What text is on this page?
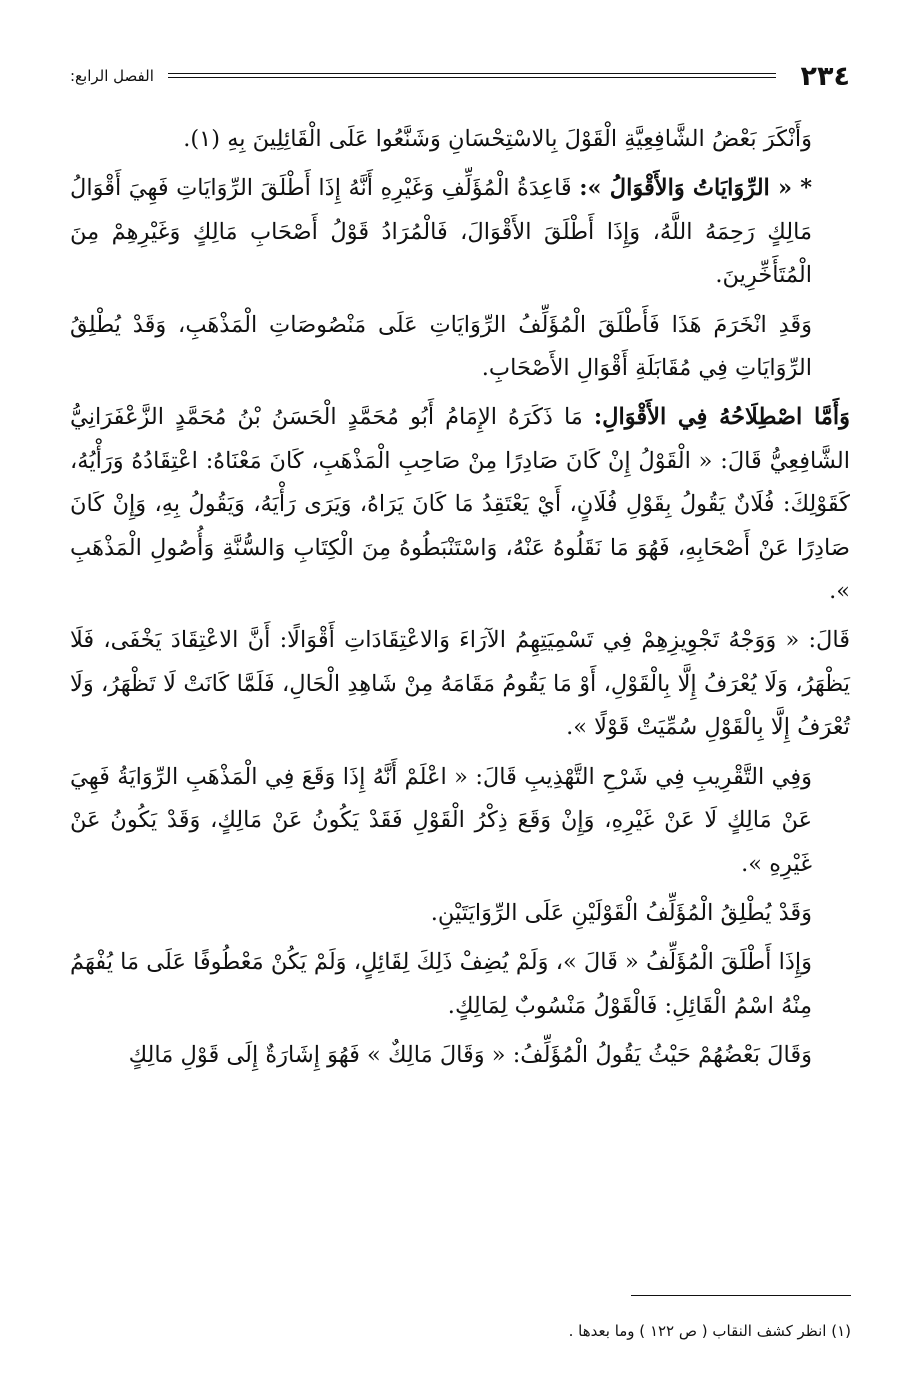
٢٣٤
الفصل الرابع:

وَأَنْكَرَ بَعْضُ الشَّافِعِيَّةِ الْقَوْلَ بِالاسْتِحْسَانِ وَشَنَّعُوا عَلَى الْقَائِلِينَ بِهِ (١).

* « الرِّوَايَاتُ وَالأَقْوَالُ »: قَاعِدَةُ الْمُؤَلِّفِ وَغَيْرِهِ أَنَّهُ إِذَا أَطْلَقَ الرِّوَايَاتِ فَهِيَ أَقْوَالُ مَالِكٍ رَحِمَهُ اللَّهُ، وَإِذَا أَطْلَقَ الأَقْوَالَ، فَالْمُرَادُ قَوْلُ أَصْحَابِ مَالِكٍ وَغَيْرِهِمْ مِنَ الْمُتَأَخِّرِينَ.

وَقَدِ انْخَرَمَ هَذَا فَأَطْلَقَ الْمُؤَلِّفُ الرِّوَايَاتِ عَلَى مَنْصُوصَاتِ الْمَذْهَبِ، وَقَدْ يُطْلِقُ الرِّوَايَاتِ فِي مُقَابَلَةِ أَقْوَالِ الأَصْحَابِ.

وَأَمَّا اصْطِلَاحُهُ فِي الأَقْوَالِ: مَا ذَكَرَهُ الإِمَامُ أَبُو مُحَمَّدٍ الْحَسَنُ بْنُ مُحَمَّدٍ الزَّعْفَرَانِيُّ الشَّافِعِيُّ قَالَ: « الْقَوْلُ إِنْ كَانَ صَادِرًا مِنْ صَاحِبِ الْمَذْهَبِ، كَانَ مَعْنَاهُ: اعْتِقَادُهُ وَرَأْيُهُ، كَقَوْلِكَ: فُلَانٌ يَقُولُ بِقَوْلِ فُلَانٍ، أَيْ يَعْتَقِدُ مَا كَانَ يَرَاهُ، وَيَرَى رَأْيَهُ، وَيَقُولُ بِهِ، وَإِنْ كَانَ صَادِرًا عَنْ أَصْحَابِهِ، فَهُوَ مَا نَقَلُوهُ عَنْهُ، وَاسْتَنْبَطُوهُ مِنَ الْكِتَابِ وَالسُّنَّةِ وَأُصُولِ الْمَذْهَبِ ».

قَالَ: « وَوَجْهُ تَجْوِيزِهِمْ فِي تَسْمِيَتِهِمُ الآرَاءَ وَالاعْتِقَادَاتِ أَقْوَالًا: أَنَّ الاعْتِقَادَ يَخْفَى، فَلَا يَظْهَرُ، وَلَا يُعْرَفُ إِلَّا بِالْقَوْلِ، أَوْ مَا يَقُومُ مَقَامَهُ مِنْ شَاهِدِ الْحَالِ، فَلَمَّا كَانَتْ لَا تَظْهَرُ، وَلَا تُعْرَفُ إِلَّا بِالْقَوْلِ سُمِّيَتْ قَوْلًا ».

وَفِي التَّقْرِيبِ فِي شَرْحِ التَّهْذِيبِ قَالَ: « اعْلَمْ أَنَّهُ إِذَا وَقَعَ فِي الْمَذْهَبِ الرِّوَايَةُ فَهِيَ عَنْ مَالِكٍ لَا عَنْ غَيْرِهِ، وَإِنْ وَقَعَ ذِكْرُ الْقَوْلِ فَقَدْ يَكُونُ عَنْ مَالِكٍ، وَقَدْ يَكُونُ عَنْ غَيْرِهِ ».

وَقَدْ يُطْلِقُ الْمُؤَلِّفُ الْقَوْلَيْنِ عَلَى الرِّوَايَتَيْنِ.

وَإِذَا أَطْلَقَ الْمُؤَلِّفُ « قَالَ »، وَلَمْ يُضِفْ ذَلِكَ لِقَائِلٍ، وَلَمْ يَكُنْ مَعْطُوفًا عَلَى مَا يُفْهَمُ مِنْهُ اسْمُ الْقَائِلِ: فَالْقَوْلُ مَنْسُوبٌ لِمَالِكٍ.

وَقَالَ بَعْضُهُمْ حَيْثُ يَقُولُ الْمُؤَلِّفُ: « وَقَالَ مَالِكٌ » فَهُوَ إِشَارَةٌ إِلَى قَوْلِ مَالِكٍ

(١) انظر كشف النقاب ( ص ١٢٢ ) وما بعدها .
